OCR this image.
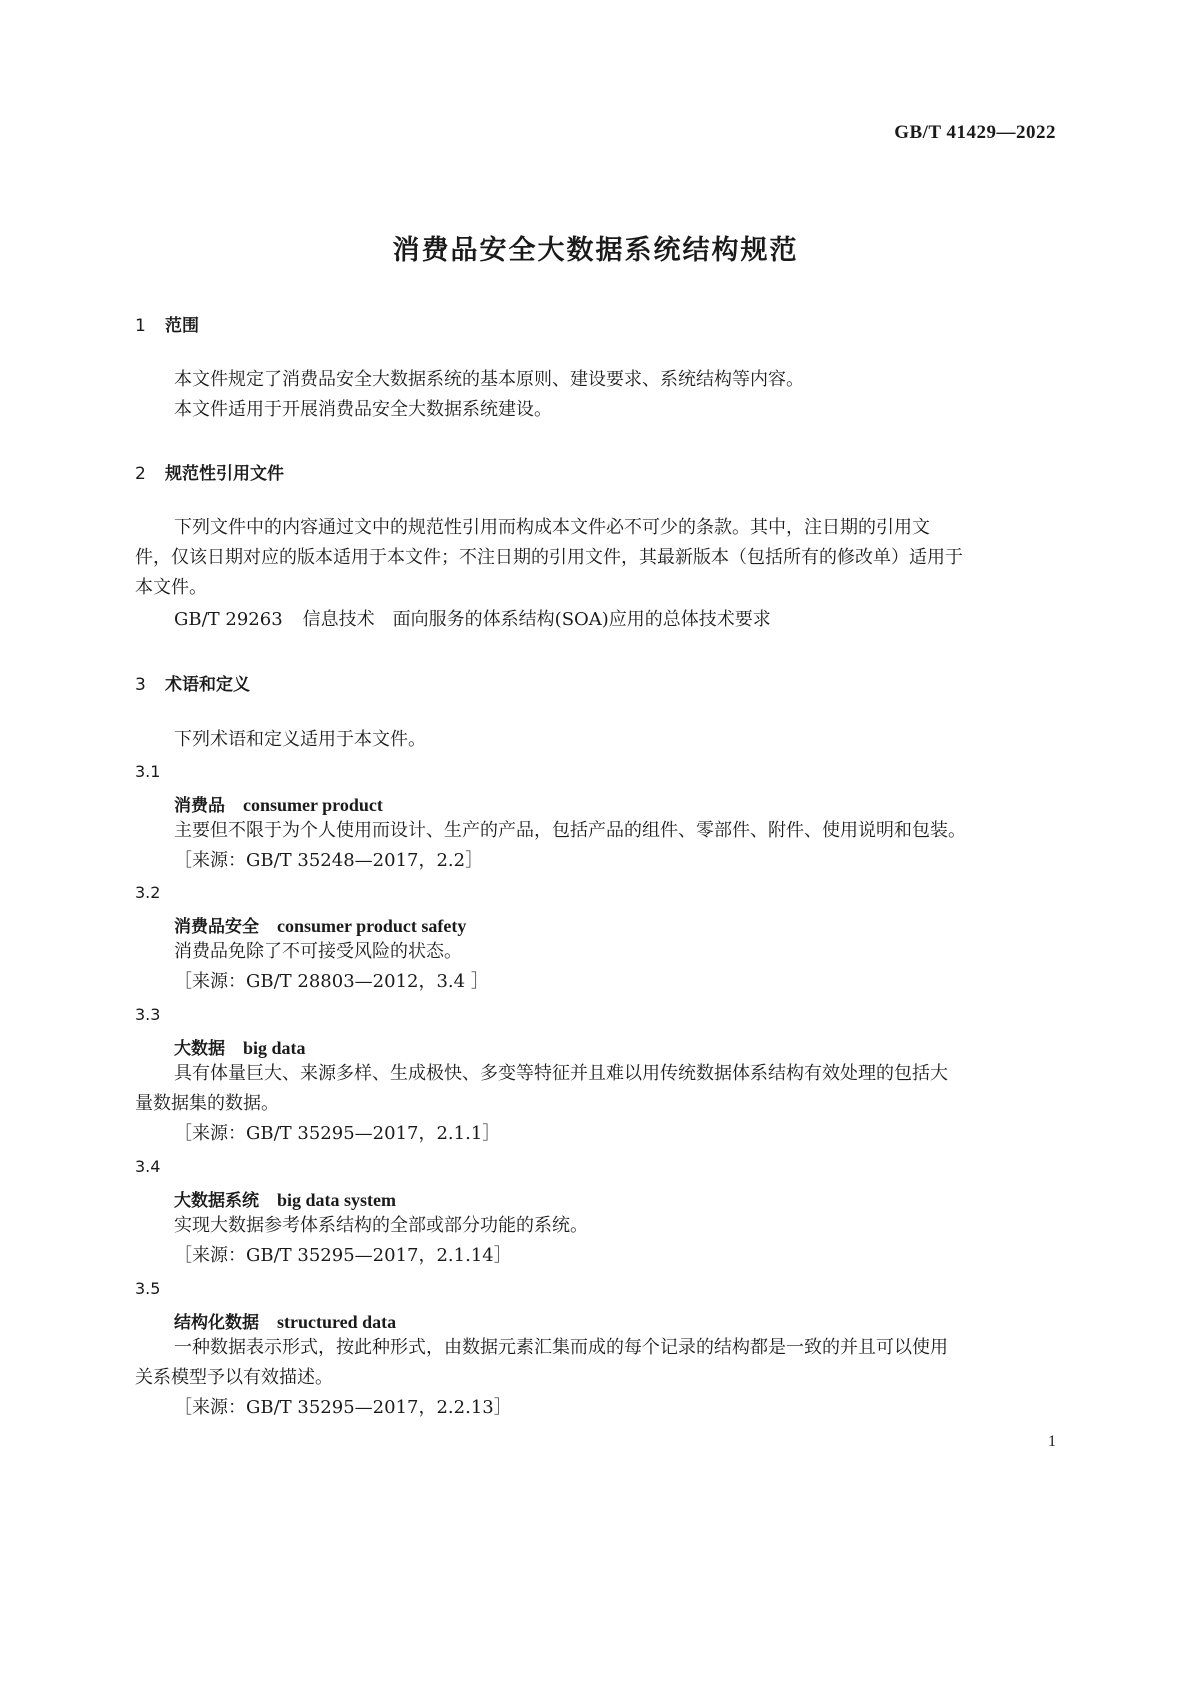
GB/T 41429—2022
消费品安全大数据系统结构规范
1 范围
本文件规定了消费品安全大数据系统的基本原则、建设要求、系统结构等内容。
本文件适用于开展消费品安全大数据系统建设。
2 规范性引用文件
下列文件中的内容通过文中的规范性引用而构成本文件必不可少的条款。其中，注日期的引用文
件，仅该日期对应的版本适用于本文件；不注日期的引用文件，其最新版本（包括所有的修改单）适用于
本文件。
GB/T 29263 信息技术　面向服务的体系结构(SOA)应用的总体技术要求
3 术语和定义
下列术语和定义适用于本文件。
3.1
消费品 consumer product
主要但不限于为个人使用而设计、生产的产品，包括产品的组件、零部件、附件、使用说明和包装。
［来源：GB/T 35248—2017，2.2］
3.2
消费品安全 consumer product safety
消费品免除了不可接受风险的状态。
［来源：GB/T 28803—2012，3.4 ］
3.3
大数据 big data
具有体量巨大、来源多样、生成极快、多变等特征并且难以用传统数据体系结构有效处理的包括大
量数据集的数据。
［来源：GB/T 35295—2017，2.1.1］
3.4
大数据系统 big data system
实现大数据参考体系结构的全部或部分功能的系统。
［来源：GB/T 35295—2017，2.1.14］
3.5
结构化数据 structured data
一种数据表示形式，按此种形式，由数据元素汇集而成的每个记录的结构都是一致的并且可以使用
关系模型予以有效描述。
［来源：GB/T 35295—2017，2.2.13］
1
